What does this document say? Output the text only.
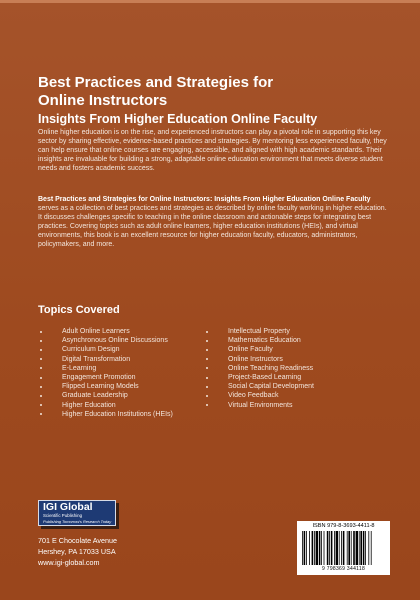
Best Practices and Strategies for
Online Instructors
Insights From Higher Education Online Faculty
Online higher education is on the rise, and experienced instructors can play a pivotal role in supporting this key sector by sharing effective, evidence-based practices and strategies. By mentoring less experienced faculty, they can help ensure that online courses are engaging, accessible, and aligned with high academic standards. Their insights are invaluable for building a strong, adaptable online education environment that meets diverse student needs and fosters academic success.
Best Practices and Strategies for Online Instructors: Insights From Higher Education Online Faculty serves as a collection of best practices and strategies as described by online faculty working in higher education. It discusses challenges specific to teaching in the online classroom and actionable steps for integrating best practices. Covering topics such as adult online learners, higher education institutions (HEIs), and virtual environments, this book is an excellent resource for higher education faculty, educators, administrators, policymakers, and more.
Topics Covered
Adult Online Learners
Asynchronous Online Discussions
Curriculum Design
Digital Transformation
E-Learning
Engagement Promotion
Flipped Learning Models
Graduate Leadership
Higher Education
Higher Education Institutions (HEIs)
Intellectual Property
Mathematics Education
Online Faculty
Online Instructors
Online Teaching Readiness
Project-Based Learning
Social Capital Development
Video Feedback
Virtual Environments
IGI Global
Scientific Publishing
Publishing Tomorrow's Research Today
701 E Chocolate Avenue
Hershey, PA 17033 USA
www.igi-global.com
ISBN 979-8-3693-4411-8
9 798369 344118
